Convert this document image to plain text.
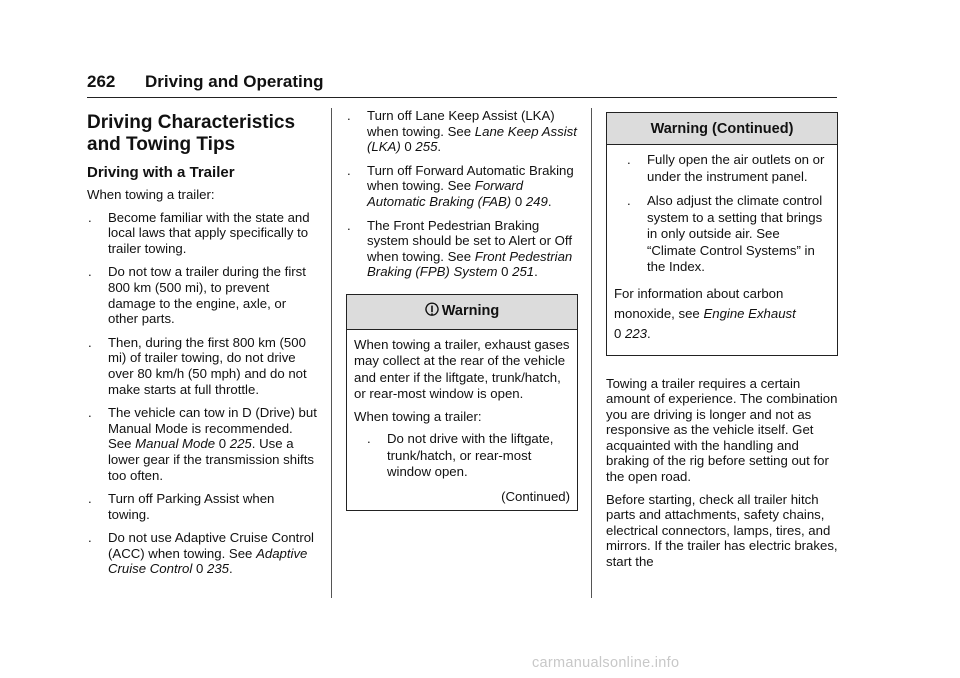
262 Driving and Operating
Driving Characteristics
and Towing Tips
Driving with a Trailer

When towing a trailer:

. Become familiar with the state and local laws that apply specifically to trailer towing.
. Do not tow a trailer during the first 800 km (500 mi), to prevent damage to the engine, axle, or other parts.
. Then, during the first 800 km (500 mi) of trailer towing, do not drive over 80 km/h (50 mph) and do not make starts at full throttle.
. The vehicle can tow in D (Drive) but Manual Mode is recommended. See Manual Mode 0 225. Use a lower gear if the transmission shifts too often.
. Turn off Parking Assist when towing.
. Do not use Adaptive Cruise Control (ACC) when towing. See Adaptive Cruise Control 0 235.
. Turn off Lane Keep Assist (LKA) when towing. See Lane Keep Assist (LKA) 0 255.
. Turn off Forward Automatic Braking when towing. See Forward Automatic Braking (FAB) 0 249.
. The Front Pedestrian Braking system should be set to Alert or Off when towing. See Front Pedestrian Braking (FPB) System 0 251.
Warning

When towing a trailer, exhaust gases may collect at the rear of the vehicle and enter if the liftgate, trunk/hatch, or rear-most window is open.

When towing a trailer:

. Do not drive with the liftgate, trunk/hatch, or rear-most window open.
(Continued)
Warning (Continued)
. Fully open the air outlets on or under the instrument panel.
. Also adjust the climate control system to a setting that brings in only outside air. See “Climate Control Systems” in the Index.

For information about carbon monoxide, see Engine Exhaust
0 223.

Towing a trailer requires a certain amount of experience. The combination you are driving is longer and not as responsive as the vehicle itself. Get acquainted with the handling and braking of the rig before setting out for the open road.

Before starting, check all trailer hitch parts and attachments, safety chains, electrical connectors, lamps, tires, and mirrors. If the trailer has electric brakes, start the

carmanualsonline.info
